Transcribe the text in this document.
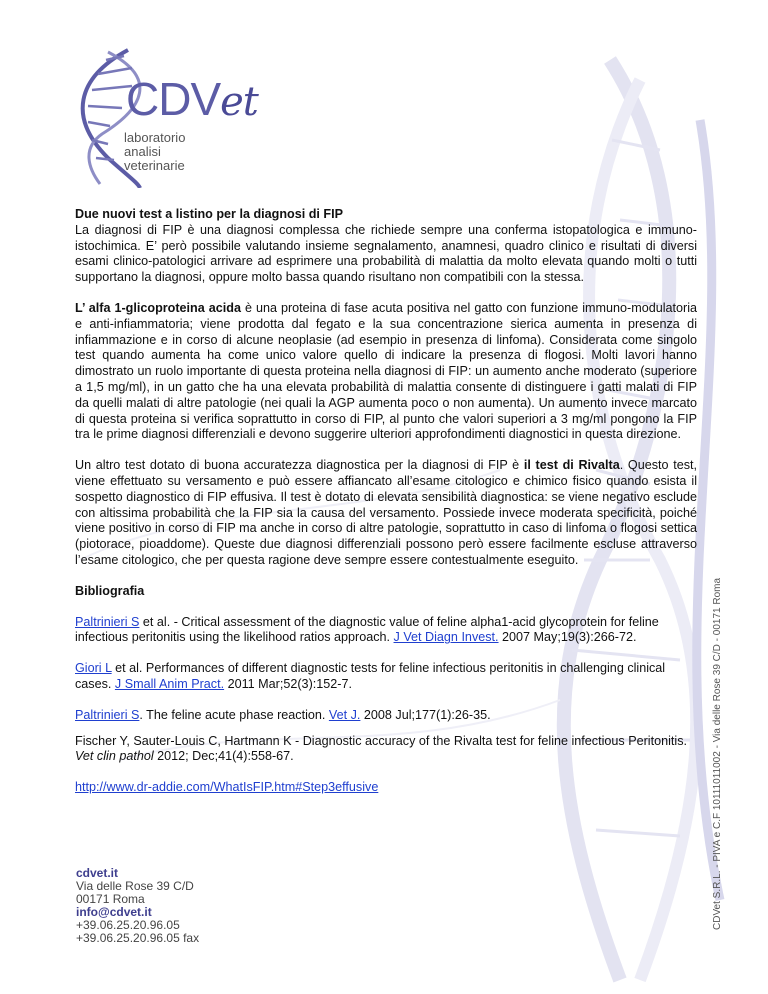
CDVet
laboratorio
analisi
veterinarie
CDVet S.R.L. - PIVA e C.F 10111011002 - Via delle Rose 39 C/D - 00171 Roma

Due nuovi test a listino per la diagnosi di FIP

La diagnosi di FIP è una diagnosi complessa che richiede sempre una conferma istopatologica e immuno-istochimica. E’ però possibile valutando insieme segnalamento, anamnesi, quadro clinico e risultati di diversi esami clinico-patologici arrivare ad esprimere una probabilità di malattia da molto elevata quando molti o tutti supportano la diagnosi, oppure molto bassa quando risultano non compatibili con la stessa.

L’ alfa 1-glicoproteina acida è una proteina di fase acuta positiva nel gatto con funzione immuno-modulatoria e anti-infiammatoria; viene prodotta dal fegato e la sua concentrazione sierica aumenta in presenza di infiammazione e in corso di alcune neoplasie (ad esempio in presenza di linfoma). Considerata come singolo test quando aumenta ha come unico valore quello di indicare la presenza di flogosi. Molti lavori hanno dimostrato un ruolo importante di questa proteina nella diagnosi di FIP: un aumento anche moderato (superiore a 1,5 mg/ml), in un gatto che ha una elevata probabilità di malattia consente di distinguere i gatti malati di FIP da quelli malati di altre patologie (nei quali la AGP aumenta poco o non aumenta). Un aumento invece marcato di questa proteina si verifica soprattutto in corso di FIP, al punto che valori superiori a 3 mg/ml pongono la FIP tra le prime diagnosi differenziali e devono suggerire ulteriori approfondimenti diagnostici in questa direzione.

Un altro test dotato di buona accuratezza diagnostica per la diagnosi di FIP è il test di Rivalta. Questo test, viene effettuato su versamento e può essere affiancato all’esame citologico e chimico fisico quando esista il sospetto diagnostico di FIP effusiva. Il test è dotato di elevata sensibilità diagnostica: se viene negativo esclude con altissima probabilità che la FIP sia la causa del versamento. Possiede invece moderata specificità, poiché viene positivo in corso di FIP ma anche in corso di altre patologie, soprattutto in caso di linfoma o flogosi settica (piotorace, pioaddome). Queste due diagnosi differenziali possono però essere facilmente escluse attraverso l’esame citologico, che per questa ragione deve sempre essere contestualmente eseguito.

Bibliografia

Paltrinieri S et al. - Critical assessment of the diagnostic value of feline alpha1-acid glycoprotein for feline infectious peritonitis using the likelihood ratios approach. J Vet Diagn Invest. 2007 May;19(3):266-72.

Giori L et al. Performances of different diagnostic tests for feline infectious peritonitis in challenging clinical cases. J Small Anim Pract. 2011 Mar;52(3):152-7.

Paltrinieri S. The feline acute phase reaction. Vet J. 2008 Jul;177(1):26-35.

Fischer Y, Sauter-Louis C, Hartmann K - Diagnostic accuracy of the Rivalta test for feline infectious Peritonitis. Vet clin pathol 2012; Dec;41(4):558-67.

http://www.dr-addie.com/WhatIsFIP.htm#Step3effusive

cdvet.it
Via delle Rose 39 C/D
00171 Roma
info@cdvet.it
+39.06.25.20.96.05
+39.06.25.20.96.05 fax
